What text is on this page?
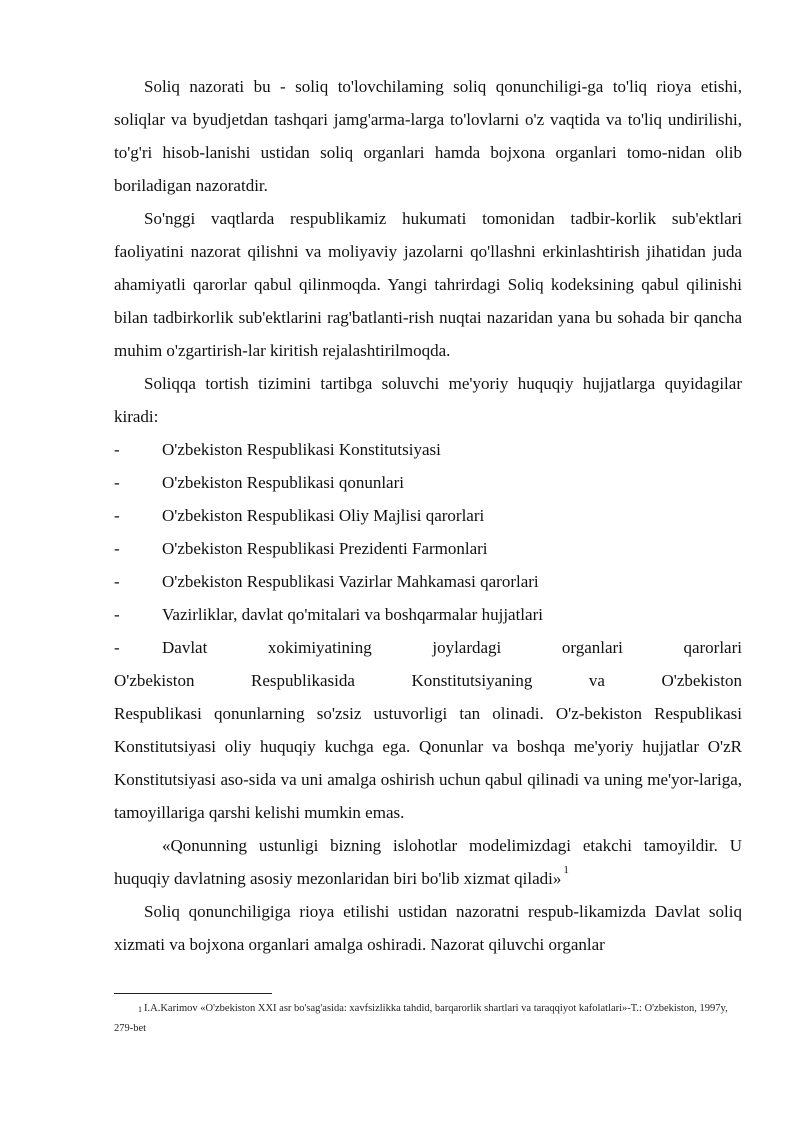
Soliq nazorati bu - soliq to'lovchilaming soliq qonunchiligi-ga to'liq rioya etishi, soliqlar va byudjetdan tashqari jamg'arma-larga to'lovlarni o'z vaqtida va to'liq undirilishi, to'g'ri hisob-lanishi ustidan soliq organlari hamda bojxona organlari tomo-nidan olib boriladigan nazoratdir.

So'nggi vaqtlarda respublikamiz hukumati tomonidan tadbir-korlik sub'ektlari faoliyatini nazorat qilishni va moliyaviy jazolarni qo'llashni erkinlashtirish jihatidan juda ahamiyatli qarorlar qabul qilinmoqda. Yangi tahrirdagi Soliq kodeksining qabul qilinishi bilan tadbirkorlik sub'ektlarini rag'batlanti-rish nuqtai nazaridan yana bu sohada bir qancha muhim o'zgartirish-lar kiritish rejalashtirilmoqda.

Soliqqa tortish tizimini tartibga soluvchi me'yoriy huquqiy hujjatlarga quyidagilar kiradi:

-	O'zbekiston Respublikasi Konstitutsiyasi
-	O'zbekiston Respublikasi qonunlari
-	O'zbekiston Respublikasi Oliy Majlisi qarorlari
-	O'zbekiston Respublikasi Prezidenti Farmonlari
-	O'zbekiston Respublikasi Vazirlar Mahkamasi qarorlari
-	Vazirliklar, davlat qo'mitalari va boshqarmalar hujjatlari
-	Davlat xokimiyatining joylardagi organlari qarorlari

O'zbekiston Respublikasida Konstitutsiyaning va O'zbekiston

Respublikasi qonunlarning so'zsiz ustuvorligi tan olinadi. O'z-bekiston Respublikasi Konstitutsiyasi oliy huquqiy kuchga ega. Qonunlar va boshqa me'yoriy hujjatlar O'zR Konstitutsiyasi aso-sida va uni amalga oshirish uchun qabul qilinadi va uning me'yor-lariga, tamoyillariga qarshi kelishi mumkin emas.

«Qonunning ustunligi bizning islohotlar modelimizdagi etakchi tamoyildir. U huquqiy davlatning asosiy mezonlaridan biri bo'lib xizmat qiladi» $^1$

Soliq qonunchiligiga rioya etilishi ustidan nazoratni respub-likamizda Davlat soliq xizmati va bojxona organlari amalga oshiradi. Nazorat qiluvchi organlar

$^1$ I.A.Karimov «O'zbekiston XXI asr bo'sag'asida: xavfsizlikka tahdid, barqarorlik shartlari va taraqqiyot kafolatlari»-T.: O'zbekiston, 1997y, 279-bet
